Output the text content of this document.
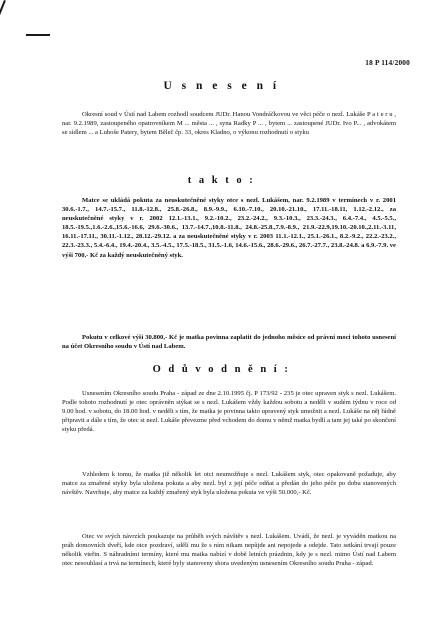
18 P 114/2000
U s n e s e n í

Okresní soud v Ústí nad Labem rozhodl soudcem JUDr. Hanou Vondráčkovou ve věci péče o nezl. Lukáše P a t e r u , nar. 9.2.1989, zastoupeného opatrovníkem M ... města ... , syna Radky P ... , bytem ... zastoupené JUDr. Ivo P... , advokátem se sídlem ... a Luboše Patery, bytem Běleč čp. 33, okres Kladno, o výkonu rozhodnutí o styku

t a k t o :

Matce se ukládá pokuta za neuskutečněné styky otce s nezl. Lukášem, nar. 9.2.1989 v termínech v r. 2001 30.6.-1.7., 14.7.-15.7., 11.8.-12.8., 25.8.-26.8., 8.9.-9.9., 6.10.-7.10., 20.10.-21.10., 17.11.-18.11, 1.12.-2.12., za neuskutečněné styky v r. 2002 12.1.-13.1., 9.2.-10.2., 23.2.-24.2., 9.3.-10.3., 23.3.-24.3., 6.4.-7.4., 4.5.-5.5., 18.5.-19.5.,1.6.-2.6.,15.6.-16.6, 29.6.-30.6., 13.7.-14.7.,10.8.-11.8., 24.8.-25.8.,7.9.-8.9., 21.9.-22.9,19.10.-20.10.,2.11.-3.11, 16.11.-17.11., 30.11.-1.12., 28.12.-29.12. a za neuskutečněné styky v r. 2003 11.1.-12.1., 25.1.-26.1., 8.2.-9.2., 22.2.-23.2., 22.3.-23.3., 5.4.-6.4., 19.4.-20.4., 3.5.-4.5., 17.5.-18.5., 31.5.-1.6, 14.6.-15.6., 28.6.-29.6., 26.7.-27.7., 23.8.-24.8. a 6.9.-7.9. ve výši 700,- Kč za každý neuskutečněný styk.

Pokutu v celkové výši 30.800,- Kč je matka povinna zaplatit do jednoho měsíce od právní moci tohoto usnesení na účet Okresního soudu v Ústí nad Labem.

O d ů v o d n ě n í :

Usnesením Okresního soudu Praha - západ ze dne 2.10.1995 čj. P 173/92 - 235 je otec upraven styk s nezl. Lukášem. Podle tohoto rozhodnutí je otec oprávněn stýkat se s nezl. Lukášem vždy každou sobotu a neděli v sudém týdnu v roce od 9.00 hod. v sobotu, do 18.00 hod. v neděli s tím, že matka je povinna takto upravený styk umožnit a nezl. Lukáše na něj řádně připravit a dále s tím, že otec si nezl. Lukáše převezme před vchodem do domu v němž matka bydlí a tam jej také po skončení styku předá.

Vzhledem k tomu, že matka již několik let otci neumožňuje s nezl. Lukášem styk, otec opakovaně požaduje, aby matce za zmařené styky byla uložena pokuta a aby nezl. byl z její péče odňat a předán do jeho péče po dobu stanovených návštěv. Navrhuje, aby matce za každý zmařený styk byla uložena pokuta ve výši 50.000,- Kč.

Otec ve svých návrzích poukazuje na průběh svých návštěv s nezl. Lukášem. Uvádí, že nezl. je vyváděn matkou na práh domovních dveří, kde otce pozdraví, sdělí mu že s ním nikam nepůjde ani nepojede a odejde. Tato setkání trvají pouze několik vteřin. S náhradními termíny, které mu matka nabízí v době letních prázdnin, kdy je s nezl. mimo Ústí nad Labem otec nesouhlasí a trvá na termínech, které byly stanoveny shora uvedeným usnesením Okresního soudu Praha - západ.
